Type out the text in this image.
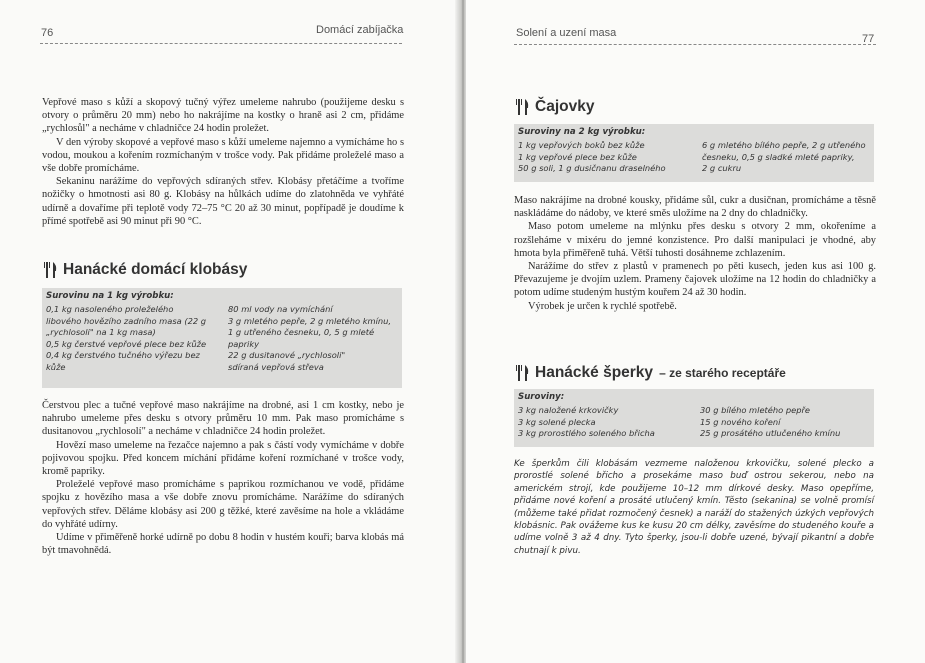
76	Domácí zabíjačka

Vepřové maso s kůží a skopový tučný výřez umeleme nahrubo (použijeme desku s otvory o průměru 20 mm) nebo ho nakrájíme na kostky o hraně asi 2 cm, přidáme „rychlosůl" a necháme v chladničce 24 hodin proležet.

V den výroby skopové a vepřové maso s kůží umeleme najemno a vymícháme ho s vodou, moukou a kořením rozmíchaným v trošce vody. Pak přidáme proleželé maso a vše dobře promícháme.

Sekaninu narážíme do vepřových sdíraných střev. Klobásy přetáčíme a tvoříme nožičky o hmotnosti asi 80 g. Klobásy na hůlkách udíme do zlatohněda ve vyhřáté udírně a dovaříme při teplotě vody 72–75 °C 20 až 30 minut, popřípadě je doudíme k přímé spotřebě asi 90 minut při 90 °C.

Hanácké domácí klobásy
Surovinu na 1 kg výrobku:
0,1 kg nasoleného proleželého
libového hovězího zadního masa (22 g
„rychlosoli" na 1 kg masa)
0,5 kg čerstvé vepřové plece bez kůže
0,4 kg čerstvého tučného výřezu bez
kůže
80 ml vody na vymíchání
3 g mletého pepře, 2 g mletého kmínu,
1 g utřeného česneku, 0, 5 g mleté
papriky
22 g dusitanové „rychlosoli"
sdíraná vepřová střeva

Čerstvou plec a tučné vepřové maso nakrájíme na drobné, asi 1 cm kostky, nebo je nahrubo umeleme přes desku s otvory průměru 10 mm. Pak maso promícháme s dusitanovou „rychlosolí" a necháme v chladničce 24 hodin proležet.

Hovězí maso umeleme na řezačce najemno a pak s částí vody vymícháme v dobře pojivovou spojku. Před koncem míchání přidáme koření rozmíchané v trošce vody, kromě papriky.

Proleželé vepřové maso promícháme s paprikou rozmíchanou ve vodě, přidáme spojku z hovězího masa a vše dobře znovu promícháme. Narážíme do sdíraných vepřových střev. Děláme klobásy asi 200 g těžké, které zavěsíme na hole a vkládáme do vyhřáté udírny.

Udíme v přiměřeně horké udírně po dobu 8 hodin v hustém kouři; barva klobás má být tmavohnědá.

Solení a uzení masa	77
Čajovky
Suroviny na 2 kg výrobku:
1 kg vepřových boků bez kůže
1 kg vepřové plece bez kůže
50 g soli, 1 g dusičnanu draselného
6 g mletého bílého pepře, 2 g utřeného
česneku, 0,5 g sladké mleté papriky,
2 g cukru

Maso nakrájíme na drobné kousky, přidáme sůl, cukr a dusičnan, promícháme a těsně naskládáme do nádoby, ve které směs uložíme na 2 dny do chladničky.

Maso potom umeleme na mlýnku přes desku s otvory 2 mm, okořeníme a rozšleháme v mixéru do jemné konzistence. Pro další manipulaci je vhodné, aby hmota byla přiměřeně tuhá. Větší tuhosti dosáhneme zchlazením.

Narážíme do střev z plastů v pramenech po pěti kusech, jeden kus asi 100 g. Převazujeme je dvojím uzlem. Prameny čajovek uložíme na 12 hodin do chladničky a potom udíme studeným hustým kouřem 24 až 30 hodin.

Výrobek je určen k rychlé spotřebě.

Hanácké šperky – ze starého receptáře
Suroviny:
3 kg naložené krkovičky
3 kg solené plecka
3 kg prorostlého soleného břicha
30 g bílého mletého pepře
15 g nového koření
25 g prosátého utlučeného kmínu
Ke šperkům čili klobásám vezmeme naloženou krkovičku, solené plecko a prorostlé solené břicho a prosekáme maso buď ostrou sekerou, nebo na americkém strojí, kde použijeme 10–12 mm dírkové desky. Maso opepříme, přidáme nové koření a prosáté utlučený kmín. Těsto (sekanina) se volně promísí (můžeme také přidat rozmočený česnek) a naráží do stažených úzkých vepřových klobásnic. Pak ovážeme kus ke kusu 20 cm délky, zavěsíme do studeného kouře a udíme volně 3 až 4 dny. Tyto šperky, jsou-li dobře uzené, bývají pikantní a dobře chutnají k pivu.
